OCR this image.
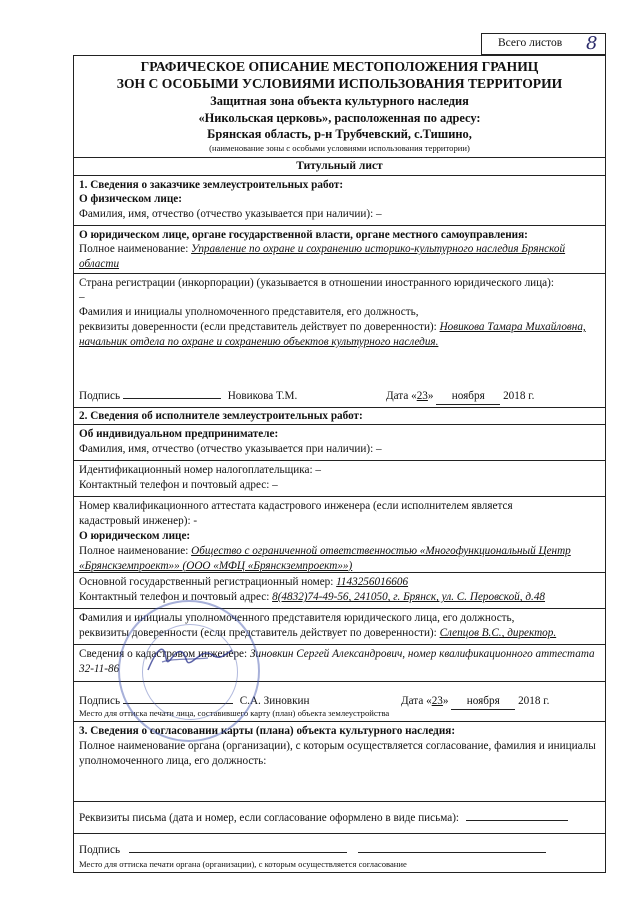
Всего листов 8
ГРАФИЧЕСКОЕ ОПИСАНИЕ МЕСТОПОЛОЖЕНИЯ ГРАНИЦ
ЗОН С ОСОБЫМИ УСЛОВИЯМИ ИСПОЛЬЗОВАНИЯ ТЕРРИТОРИИ
Защитная зона объекта культурного наследия
«Никольская церковь», расположенная по адресу:
Брянская область, р-н Трубчевский, с.Тишино,
(наименование зоны с особыми условиями использования территории)
Титульный лист
1. Сведения о заказчике землеустроительных работ:
О физическом лице:
Фамилия, имя, отчество (отчество указывается при наличии): –
О юридическом лице, органе государственной власти, органе местного самоуправления:
Полное наименование: Управление по охране и сохранению историко-культурного наследия Брянской области
Страна регистрации (инкорпорации) (указывается в отношении иностранного юридического лица):
–
Фамилия и инициалы уполномоченного представителя, его должность,
реквизиты доверенности (если представитель действует по доверенности): Новикова Тамара Михайловна, начальник отдела по охране и сохранению объектов культурного наследия.
Подпись	Новикова Т.М.	Дата «23» ноября 2018 г.
2. Сведения об исполнителе землеустроительных работ:
Об индивидуальном предпринимателе:
Фамилия, имя, отчество (отчество указывается при наличии): –
Идентификационный номер налогоплательщика: –
Контактный телефон и почтовый адрес: –
Номер квалификационного аттестата кадастрового инженера (если исполнителем является
кадастровый инженер): -
О юридическом лице:
Полное наименование: Общество с ограниченной ответственностью «Многофункциональный Центр «Брянскземпроект»» (ООО «МФЦ «Брянскземпроект»»)
Основной государственный регистрационный номер: 1143256016606
Контактный телефон и почтовый адрес: 8(4832)74-49-56, 241050, г. Брянск, ул. С. Перовской, д.48
Фамилия и инициалы уполномоченного представителя юридического лица, его должность,
реквизиты доверенности (если представитель действует по доверенности): Слепцов В.С., директор.
Сведения о кадастровом инженере: Зиновкин Сергей Александрович, номер квалификационного аттестата 32-11-86
Подпись	С.А. Зиновкин	Дата «23» ноября 2018 г.
Место для оттиска печати лица, составившего карту (план) объекта землеустройства
3. Сведения о согласовании карты (плана) объекта культурного наследия:
Полное наименование органа (организации), с которым осуществляется согласование, фамилия и инициалы уполномоченного лица, его должность:
Реквизиты письма (дата и номер, если согласование оформлено в виде письма):
Подпись
Место для оттиска печати органа (организации), с которым осуществляется согласование
